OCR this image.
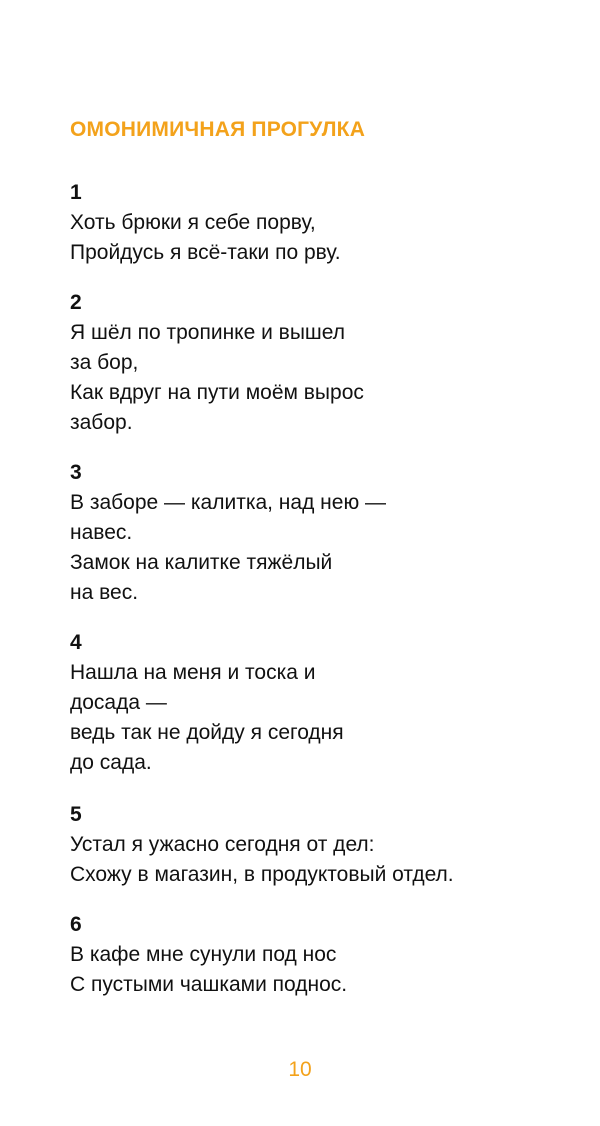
ОМОНИМИЧНАЯ ПРОГУЛКА
1
Хоть брюки я себе порву,
Пройдусь я всё-таки по рву.
2
Я шёл по тропинке и вышел
за бор,
Как вдруг на пути моём вырос
забор.
3
В заборе — калитка, над нею —
навес.
Замок на калитке тяжёлый
на вес.
4
Нашла на меня и тоска и
досада —
ведь так не дойду я сегодня
до сада.
5
Устал я ужасно сегодня от дел:
Схожу в магазин, в продуктовый отдел.
6
В кафе мне сунули под нос
С пустыми чашками поднос.
10
